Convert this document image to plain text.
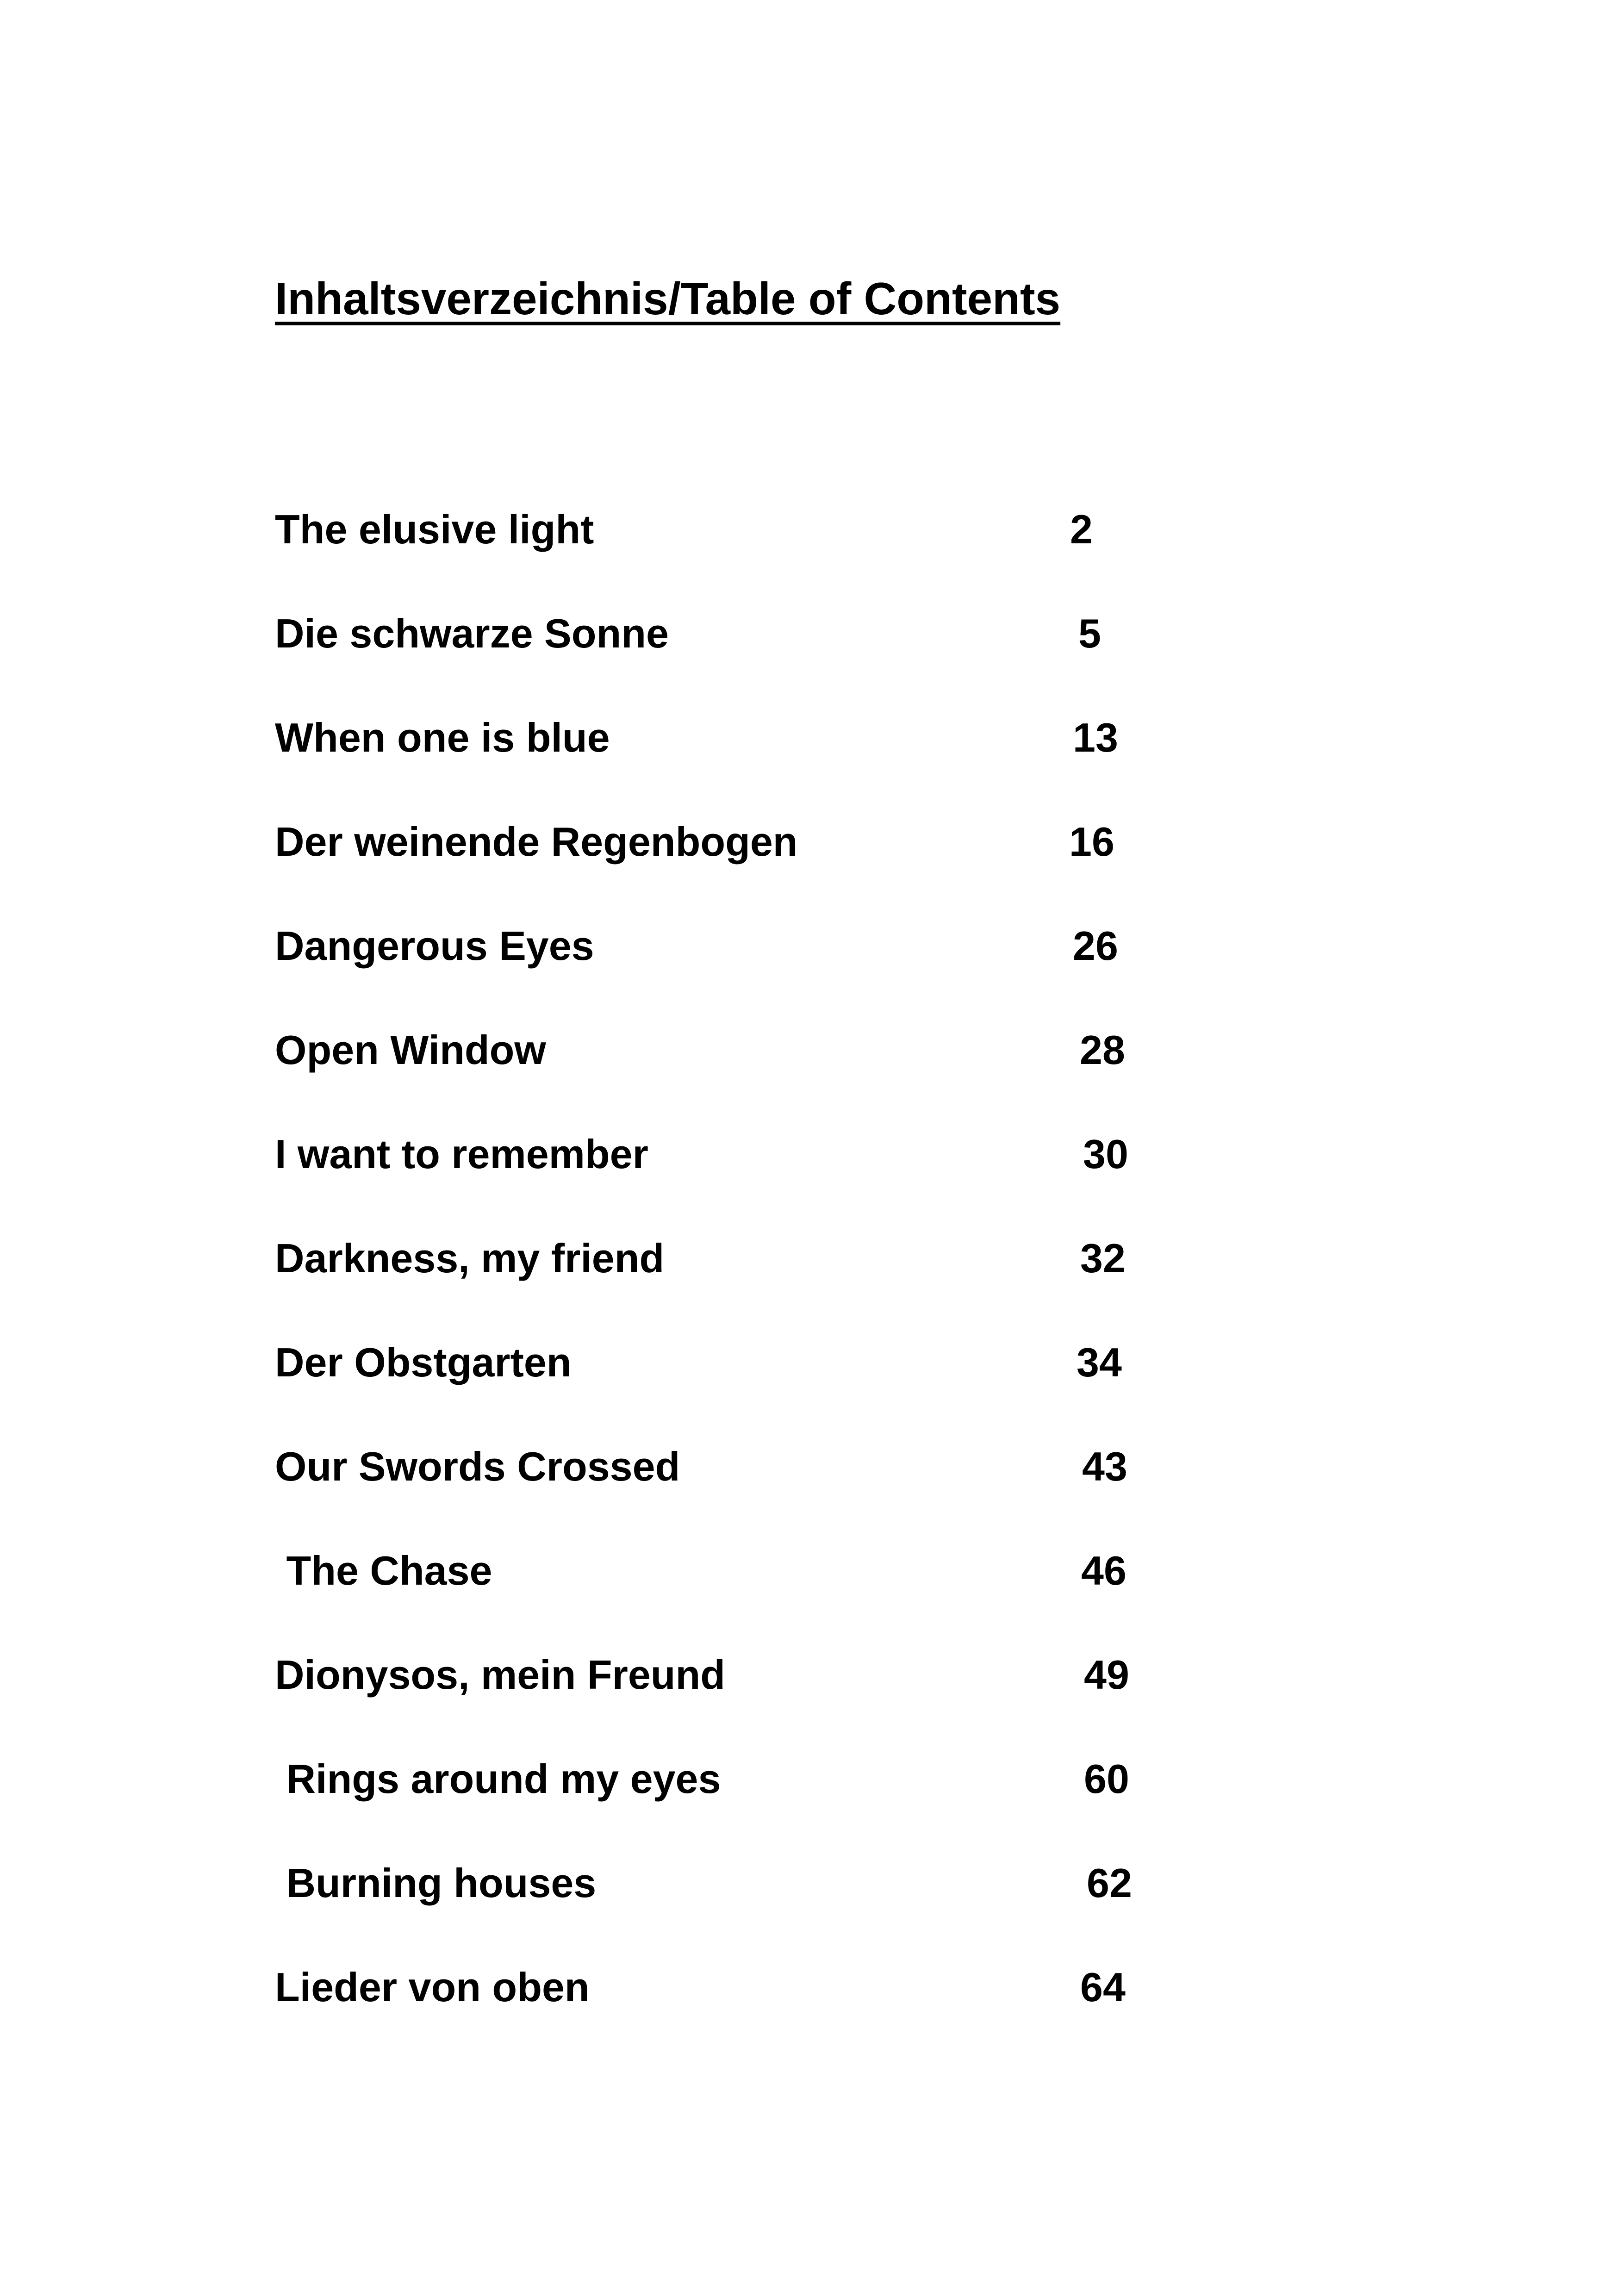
Inhaltsverzeichnis/Table of Contents
The elusive light	2
Die schwarze Sonne	5
When one is blue	13
Der weinende Regenbogen	16
Dangerous Eyes	26
Open Window	28
I want to remember	30
Darkness, my friend	32
Der Obstgarten	34
Our Swords Crossed	43
The Chase	46
Dionysos, mein Freund	49
Rings around my eyes	60
Burning houses	62
Lieder von oben	64
